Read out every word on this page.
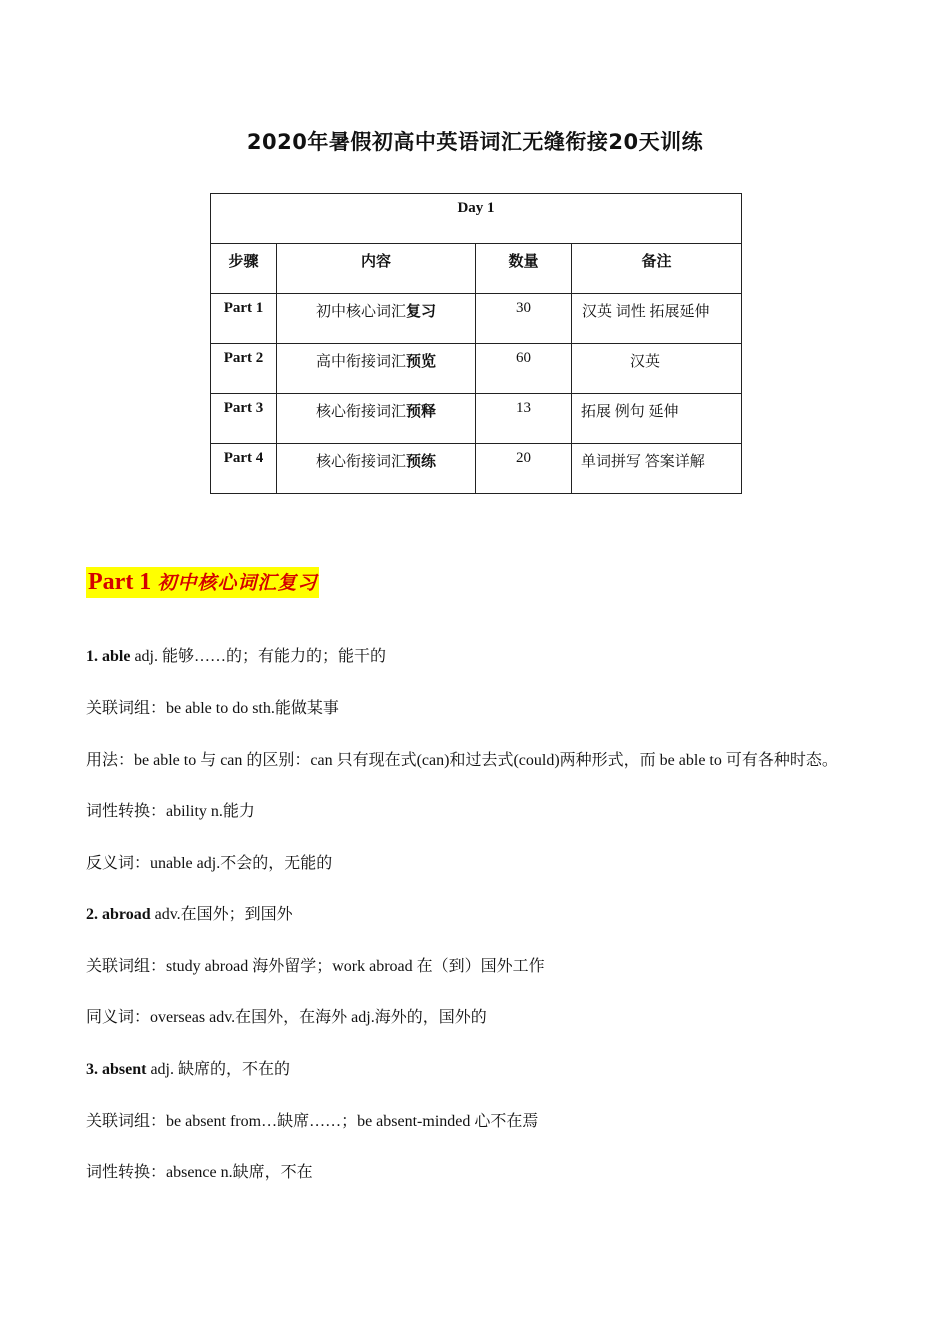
2020年暑假初高中英语词汇无缝衔接20天训练
Day 1			
步骤	内容	数量	备注
Part 1	初中核心词汇复习	30	汉英 词性 拓展延伸
Part 2	高中衔接词汇预览	60	汉英
Part 3	核心衔接词汇预释	13	拓展 例句 延伸
Part 4	核心衔接词汇预练	20	单词拼写 答案详解
Part 1 初中核心词汇复习
1. able adj. 能够……的；有能力的；能干的
关联词组：be able to do sth.能做某事
用法：be able to 与 can 的区别：can 只有现在式(can)和过去式(could)两种形式，而 be able to 可有各种时态。
词性转换：ability n.能力
反义词：unable adj.不会的，无能的
2. abroad adv.在国外；到国外
关联词组：study abroad 海外留学；work abroad 在（到）国外工作
同义词：overseas adv.在国外，在海外 adj.海外的，国外的
3. absent adj. 缺席的，不在的
关联词组：be absent from…缺席……；be absent-minded 心不在焉
词性转换：absence n.缺席，不在
